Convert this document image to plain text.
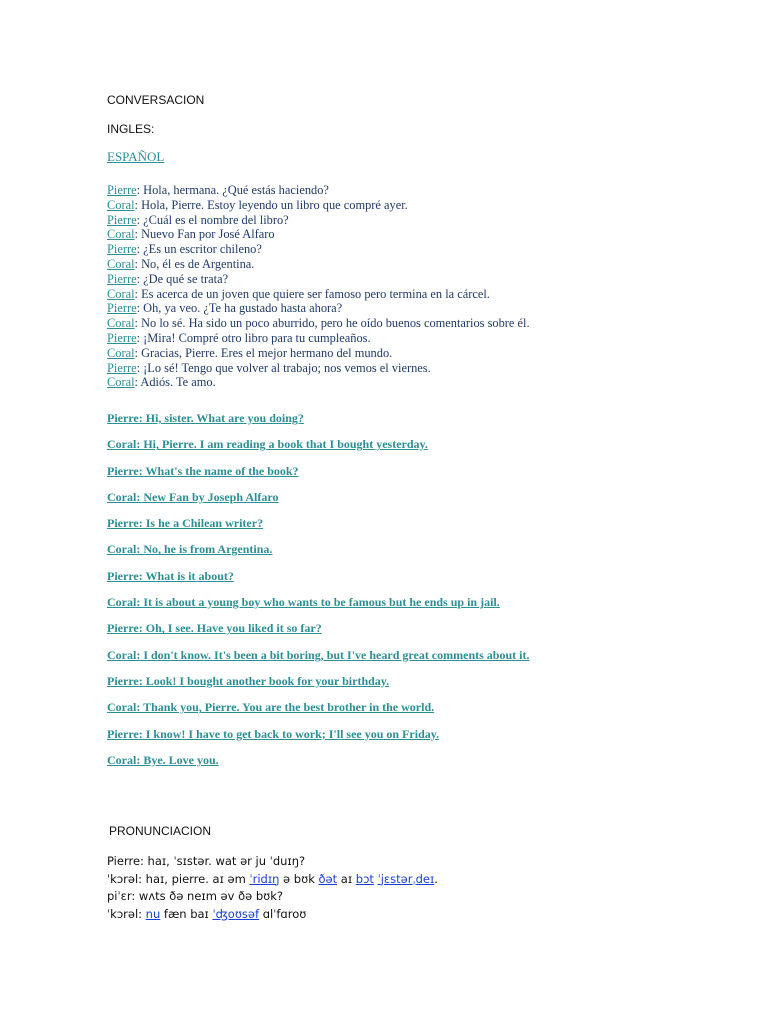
CONVERSACION
INGLES:
ESPAÑOL
Pierre: Hola, hermana. ¿Qué estás haciendo?
Coral: Hola, Pierre. Estoy leyendo un libro que compré ayer.
Pierre: ¿Cuál es el nombre del libro?
Coral: Nuevo Fan por José Alfaro
Pierre: ¿Es un escritor chileno?
Coral: No, él es de Argentina.
Pierre: ¿De qué se trata?
Coral: Es acerca de un joven que quiere ser famoso pero termina en la cárcel.
Pierre: Oh, ya veo. ¿Te ha gustado hasta ahora?
Coral: No lo sé. Ha sido un poco aburrido, pero he oído buenos comentarios sobre él.
Pierre: ¡Mira! Compré otro libro para tu cumpleaños.
Coral: Gracias, Pierre. Eres el mejor hermano del mundo.
Pierre: ¡Lo sé! Tengo que volver al trabajo; nos vemos el viernes.
Coral: Adiós. Te amo.
Pierre: Hi, sister. What are you doing?
Coral: Hi, Pierre. I am reading a book that I bought yesterday.
Pierre: What's the name of the book?
Coral: New Fan by Joseph Alfaro
Pierre: Is he a Chilean writer?
Coral: No, he is from Argentina.
Pierre: What is it about?
Coral: It is about a young boy who wants to be famous but he ends up in jail.
Pierre: Oh, I see. Have you liked it so far?
Coral: I don't know. It's been a bit boring, but I've heard great comments about it.
Pierre: Look! I bought another book for your birthday.
Coral: Thank you, Pierre. You are the best brother in the world.
Pierre: I know! I have to get back to work; I'll see you on Friday.
Coral: Bye. Love you.
PRONUNCIACION
Pierre: haɪ, ˈsɪstər. wat ər ju ˈduɪŋ?
ˈkɔrəl: haɪ, pierre. aɪ əm ˈridɪŋ ə bʊk ðət aɪ bɔt ˈjɛstərˌdeɪ.
piˈɛr: wʌts ðə neɪm əv ðə bʊk?
ˈkɔrəl: nu fæn baɪ ˈʤoʊsəf ɑlˈfɑroʊ
